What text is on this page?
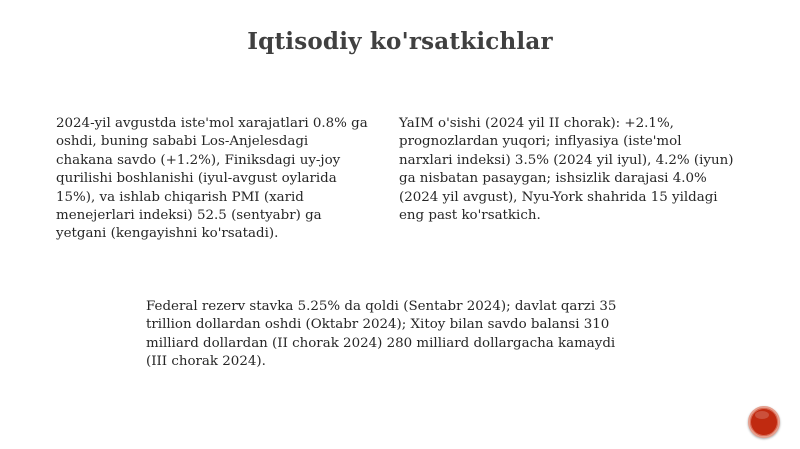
Iqtisodiy ko'rsatkichlar

2024-yil avgustda iste'mol xarajatlari 0.8% ga
oshdi, buning sababi Los-Anjelesdagi
chakana savdo (+1.2%), Finiksdagi uy-joy
qurilishi boshlanishi (iyul-avgust oylarida
15%), va ishlab chiqarish PMI (xarid
menejerlari indeksi) 52.5 (sentyabr) ga
yetgani (kengayishni ko'rsatadi).

YaIM o'sishi (2024 yil II chorak): +2.1%,
prognozlardan yuqori; inflyasiya (iste'mol
narxlari indeksi) 3.5% (2024 yil iyul), 4.2% (iyun)
ga nisbatan pasaygan; ishsizlik darajasi 4.0%
(2024 yil avgust), Nyu-York shahrida 15 yildagi
eng past ko'rsatkich.

Federal rezerv stavka 5.25% da qoldi (Sentabr 2024); davlat qarzi 35
trillion dollardan oshdi (Oktabr 2024); Xitoy bilan savdo balansi 310
milliard dollardan (II chorak 2024) 280 milliard dollargacha kamaydi
(III chorak 2024).
